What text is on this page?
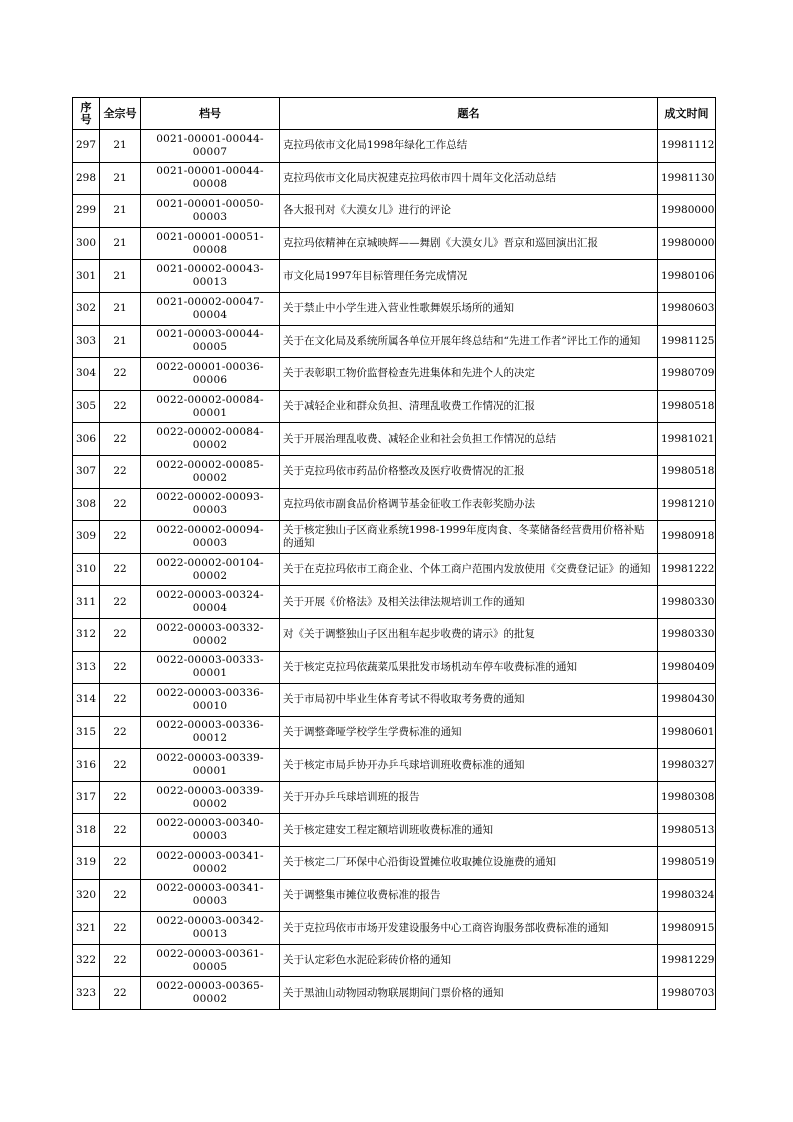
序号	全宗号	档号	题名	成文时间
297	21	0021-00001-00044-00007	克拉玛依市文化局1998年绿化工作总结	19981112
298	21	0021-00001-00044-00008	克拉玛依市文化局庆祝建克拉玛依市四十周年文化活动总结	19981130
299	21	0021-00001-00050-00003	各大报刊对《大漠女儿》进行的评论	19980000
300	21	0021-00001-00051-00008	克拉玛依精神在京城映辉——舞剧《大漠女儿》晋京和巡回演出汇报	19980000
301	21	0021-00002-00043-00013	市文化局1997年目标管理任务完成情况	19980106
302	21	0021-00002-00047-00004	关于禁止中小学生进入营业性歌舞娱乐场所的通知	19980603
303	21	0021-00003-00044-00005	关于在文化局及系统所属各单位开展年终总结和“先进工作者”评比工作的通知	19981125
304	22	0022-00001-00036-00006	关于表彰职工物价监督检查先进集体和先进个人的决定	19980709
305	22	0022-00002-00084-00001	关于减轻企业和群众负担、清理乱收费工作情况的汇报	19980518
306	22	0022-00002-00084-00002	关于开展治理乱收费、减轻企业和社会负担工作情况的总结	19981021
307	22	0022-00002-00085-00002	关于克拉玛依市药品价格整改及医疗收费情况的汇报	19980518
308	22	0022-00002-00093-00003	克拉玛依市副食品价格调节基金征收工作表彰奖励办法	19981210
309	22	0022-00002-00094-00003	关于核定独山子区商业系统1998-1999年度肉食、冬菜储备经营费用价格补贴的通知	19980918
310	22	0022-00002-00104-00002	关于在克拉玛依市工商企业、个体工商户范围内发放使用《交费登记证》的通知	19981222
311	22	0022-00003-00324-00004	关于开展《价格法》及相关法律法规培训工作的通知	19980330
312	22	0022-00003-00332-00002	对《关于调整独山子区出租车起步收费的请示》的批复	19980330
313	22	0022-00003-00333-00001	关于核定克拉玛依蔬菜瓜果批发市场机动车停车收费标准的通知	19980409
314	22	0022-00003-00336-00010	关于市局初中毕业生体育考试不得收取考务费的通知	19980430
315	22	0022-00003-00336-00012	关于调整聋哑学校学生学费标准的通知	19980601
316	22	0022-00003-00339-00001	关于核定市局乒协开办乒乓球培训班收费标准的通知	19980327
317	22	0022-00003-00339-00002	关于开办乒乓球培训班的报告	19980308
318	22	0022-00003-00340-00003	关于核定建安工程定额培训班收费标准的通知	19980513
319	22	0022-00003-00341-00002	关于核定二厂环保中心沿街设置摊位收取摊位设施费的通知	19980519
320	22	0022-00003-00341-00003	关于调整集市摊位收费标准的报告	19980324
321	22	0022-00003-00342-00013	关于克拉玛依市市场开发建设服务中心工商咨询服务部收费标准的通知	19980915
322	22	0022-00003-00361-00005	关于认定彩色水泥砼彩砖价格的通知	19981229
323	22	0022-00003-00365-00002	关于黑油山动物园动物联展期间门票价格的通知	19980703
